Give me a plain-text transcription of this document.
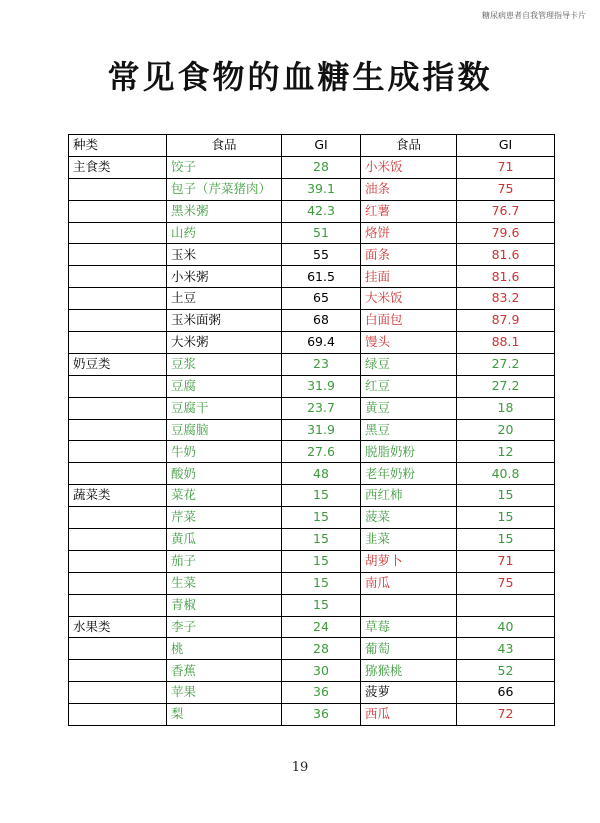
糖尿病患者自我管理指导卡片
常见食物的血糖生成指数
种类	食品	GI	食品	GI
主食类	饺子	28	小米饭	71
	包子（芹菜猪肉）	39.1	油条	75
	黑米粥	42.3	红薯	76.7
	山药	51	烙饼	79.6
	玉米	55	面条	81.6
	小米粥	61.5	挂面	81.6
	土豆	65	大米饭	83.2
	玉米面粥	68	白面包	87.9
	大米粥	69.4	馒头	88.1
奶豆类	豆浆	23	绿豆	27.2
	豆腐	31.9	红豆	27.2
	豆腐干	23.7	黄豆	18
	豆腐脑	31.9	黑豆	20
	牛奶	27.6	脱脂奶粉	12
	酸奶	48	老年奶粉	40.8
蔬菜类	菜花	15	西红柿	15
	芹菜	15	菠菜	15
	黄瓜	15	韭菜	15
	茄子	15	胡萝卜	71
	生菜	15	南瓜	75
	青椒	15		
水果类	李子	24	草莓	40
	桃	28	葡萄	43
	香蕉	30	猕猴桃	52
	苹果	36	菠萝	66
	梨	36	西瓜	72
19
